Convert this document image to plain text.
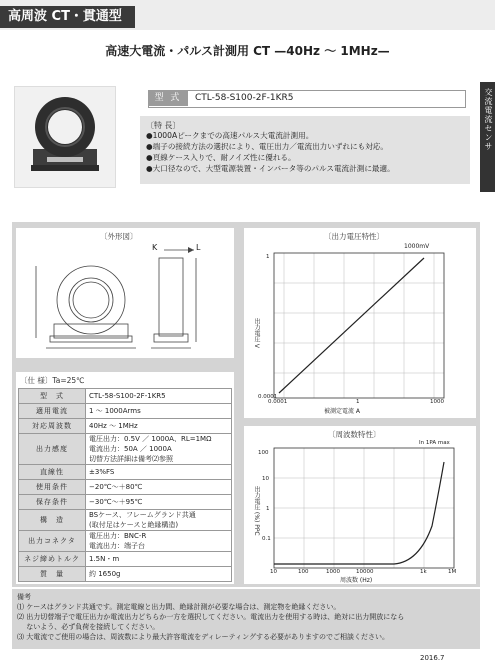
高周波 CT・貫通型
高速大電流・パルス計測用 CT —40Hz ～ 1MHz—
交流電流センサ
型 式	CTL-58-S100-2F-1KR5
〔特 長〕
●1000Aピークまでの高速パルス大電流計測用。
●端子の接続方法の選択により、電圧出力／電流出力いずれにも対応。
●頁線ケース入りで、耐ノイズ性に優れる。
●大口径なので、大型電源装置・インバータ等のパルス電流計測に最適。
〔外形図〕
K	L
〔出力電圧特性〕
1000mV
出力電圧 V
被測定電流 A
0.0001
1
0.0001	1	1000
〔仕 様〕Ta=25℃
型　式	CTL-58-S100-2F-1KR5
適用電流	1 ～ 1000Arms
対応周波数	40Hz ～ 1MHz
出力感度	電圧出力：0.5V ／ 1000A、RL=1MΩ
電流出力：50A ／ 1000A
切替方法詳細は備考⑵参照
直線性	±3%FS
使用条件	−20℃～＋80℃
保存条件	−30℃～＋95℃
構　造	BSケース、フレームグランド共通
(取付足はケースと絶縁構造)
出力コネクタ	電圧出力：BNC-R
電流出力：端子台
ネジ締めトルク	1.5N・m
質　量	約 1650g
〔周波数特性〕
In 1PA max
出力電圧 (%) PPC
周波数 (Hz)
10	100	1000	10000	1k	1M
0.1
1
10
100
備考
⑴ ケースはグランド共通です。測定電線と出力間、絶縁計測が必要な場合は、測定物を絶縁ください。
⑵ 出力切替端子で電圧出力か電流出力どちらか一方を選択してください。電流出力を使用する時は、絶対に出力開放になら
　 ないよう、必ず負荷を接続してください。
⑶ 大電流でご使用の場合は、周波数により最大許容電流をディレーティングする必要がありますのでご相談ください。
2016.7
